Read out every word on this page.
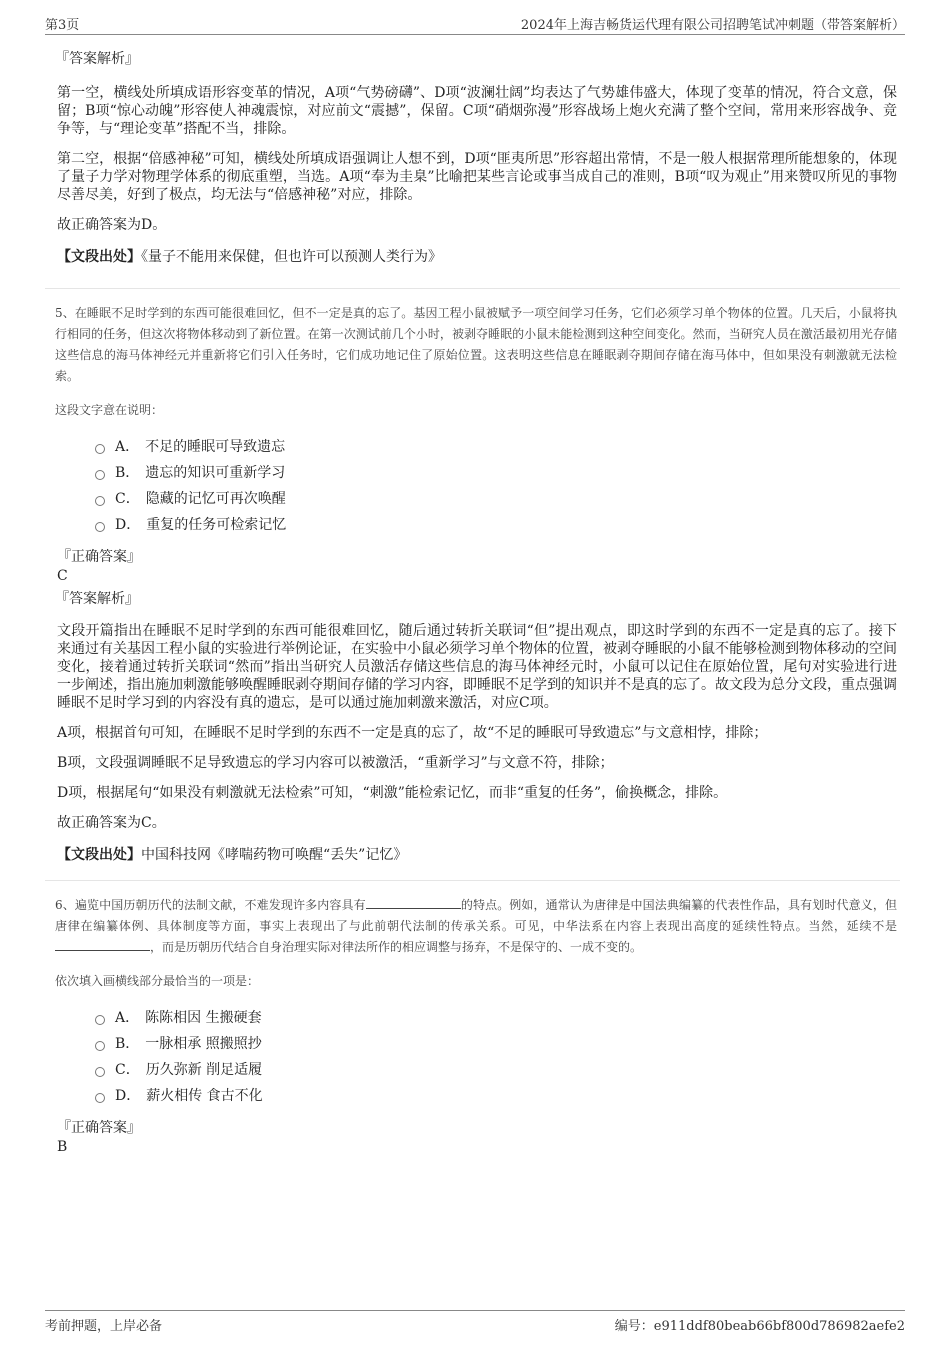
第3页	2024年上海吉畅货运代理有限公司招聘笔试冲刺题（带答案解析）
『答案解析』

第一空，横线处所填成语形容变革的情况，A项“气势磅礴”、D项“波澜壮阔”均表达了气势雄伟盛大，体现了变革的情况，符合文意，保留；B项“惊心动魄”形容使人神魂震惊，对应前文“震撼”，保留。C项“硝烟弥漫”形容战场上炮火充满了整个空间，常用来形容战争、竞争等，与“理论变革”搭配不当，排除。

第二空，根据“倍感神秘”可知，横线处所填成语强调让人想不到，D项“匪夷所思”形容超出常情，不是一般人根据常理所能想象的，体现了量子力学对物理学体系的彻底重塑，当选。A项“奉为圭臬”比喻把某些言论或事当成自己的准则，B项“叹为观止”用来赞叹所见的事物尽善尽美，好到了极点，均无法与“倍感神秘”对应，排除。

故正确答案为D。

【文段出处】《量子不能用来保健，但也许可以预测人类行为》

5、在睡眠不足时学到的东西可能很难回忆，但不一定是真的忘了。基因工程小鼠被赋予一项空间学习任务，它们必须学习单个物体的位置。几天后，小鼠将执行相同的任务，但这次将物体移动到了新位置。在第一次测试前几个小时，被剥夺睡眠的小鼠未能检测到这种空间变化。然而，当研究人员在激活最初用光存储这些信息的海马体神经元并重新将它们引入任务时，它们成功地记住了原始位置。这表明这些信息在睡眠剥夺期间存储在海马体中，但如果没有刺激就无法检索。

这段文字意在说明：
A． 不足的睡眠可导致遗忘
B． 遗忘的知识可重新学习
C． 隐藏的记忆可再次唤醒
D． 重复的任务可检索记忆
『正确答案』
C
『答案解析』

文段开篇指出在睡眠不足时学到的东西可能很难回忆，随后通过转折关联词“但”提出观点，即这时学到的东西不一定是真的忘了。接下来通过有关基因工程小鼠的实验进行举例论证，在实验中小鼠必须学习单个物体的位置，被剥夺睡眠的小鼠不能够检测到物体移动的空间变化，接着通过转折关联词“然而”指出当研究人员激活存储这些信息的海马体神经元时，小鼠可以记住在原始位置，尾句对实验进行进一步阐述，指出施加刺激能够唤醒睡眠剥夺期间存储的学习内容，即睡眠不足学到的知识并不是真的忘了。故文段为总分文段，重点强调睡眠不足时学习到的内容没有真的遗忘，是可以通过施加刺激来激活，对应C项。

A项，根据首句可知，在睡眠不足时学到的东西不一定是真的忘了，故“不足的睡眠可导致遗忘”与文意相悖，排除；

B项，文段强调睡眠不足导致遗忘的学习内容可以被激活，“重新学习”与文意不符，排除；

D项，根据尾句“如果没有刺激就无法检索”可知，“刺激”能检索记忆，而非“重复的任务”，偷换概念，排除。

故正确答案为C。

【文段出处】中国科技网《哮喘药物可唤醒“丢失”记忆》

6、遍览中国历朝历代的法制文献，不难发现许多内容具有	的特点。例如，通常认为唐律是中国法典编纂的代表性作品，具有划时代意义，但唐律在编纂体例、具体制度等方面，事实上表现出了与此前朝代法制的传承关系。可见，中华法系在内容上表现出高度的延续性特点。当然，延续不是，而是历朝历代结合自身治理实际对律法所作的相应调整与扬弃，不是保守的、一成不变的。

依次填入画横线部分最恰当的一项是：
A． 陈陈相因 生搬硬套
B． 一脉相承 照搬照抄
C． 历久弥新 削足适履
D． 薪火相传 食古不化
『正确答案』
B
考前押题，上岸必备	编号：e911ddf80beab66bf800d786982aefe2
